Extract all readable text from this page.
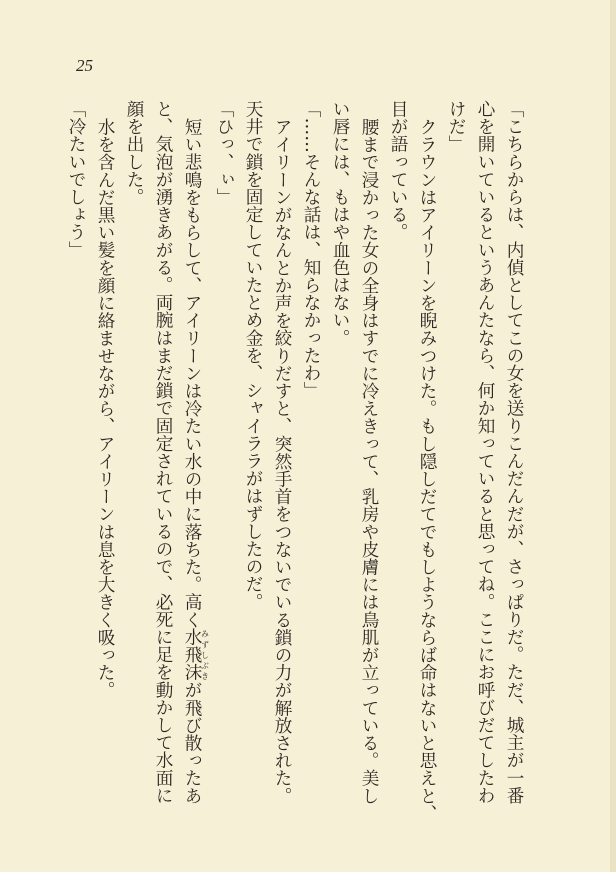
25

「こちらからは、内偵としてこの女を送りこんだんだが、さっぱりだ。ただ、城主が一番

心を開いているというあんたなら、何か知っていると思ってね。ここにお呼びだてしたわ

けだ」

クラウンはアイリーンを睨みつけた。もし隠しだてでもしようならば命はないと思えと、

目が語っている。

腰まで浸かった女の全身はすでに冷えきって、乳房や皮膚には鳥肌が立っている。美し

い唇には、もはや血色はない。

「……そんな話は、知らなかったわ」

アイリーンがなんとか声を絞りだすと、突然手首をつないでいる鎖の力が解放された。

天井で鎖を固定していたとめ金を、シャイララがはずしたのだ。

「ひっ、ぃ」

短い悲鳴をもらして、アイリーンは冷たい水の中に落ちた。高く水飛沫みずしぶきが飛び散ったあ

と、気泡が湧きあがる。両腕はまだ鎖で固定されているので、必死に足を動かして水面に

顔を出した。

水を含んだ黒い髪を顔に絡ませながら、アイリーンは息を大きく吸った。

「冷たいでしょう」
